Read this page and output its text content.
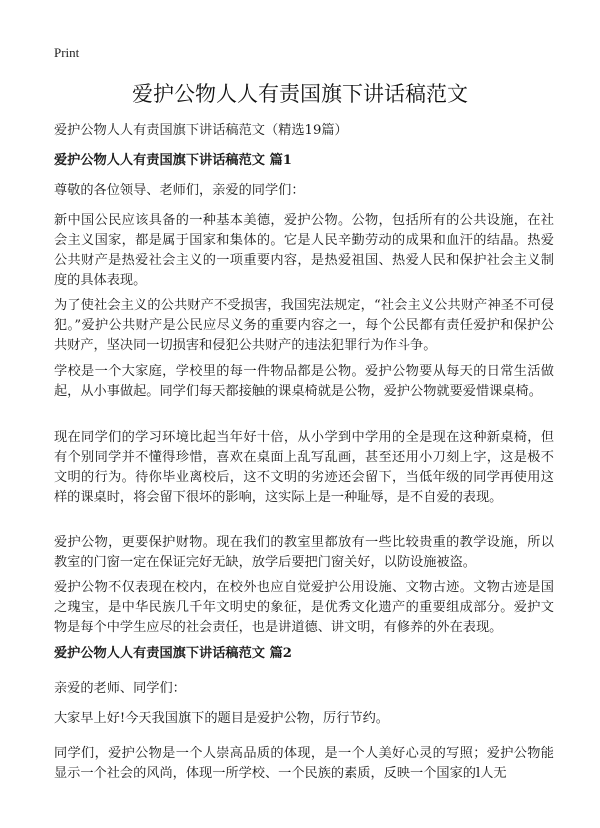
Print
爱护公物人人有责国旗下讲话稿范文

爱护公物人人有责国旗下讲话稿范文（精选19篇）

爱护公物人人有责国旗下讲话稿范文 篇1

尊敬的各位领导、老师们，亲爱的同学们：

新中国公民应该具备的一种基本美德，爱护公物。公物，包括所有的公共设施，在社会主义国家，都是属于国家和集体的。它是人民辛勤劳动的成果和血汗的结晶。热爱公共财产是热爱社会主义的一项重要内容，是热爱祖国、热爱人民和保护社会主义制度的具体表现。

为了使社会主义的公共财产不受损害，我国宪法规定，“社会主义公共财产神圣不可侵犯。”爱护公共财产是公民应尽义务的重要内容之一，每个公民都有责任爱护和保护公共财产，坚决同一切损害和侵犯公共财产的违法犯罪行为作斗争。

学校是一个大家庭，学校里的每一件物品都是公物。爱护公物要从每天的日常生活做起，从小事做起。同学们每天都接触的课桌椅就是公物，爱护公物就要爱惜课桌椅。

现在同学们的学习环境比起当年好十倍，从小学到中学用的全是现在这种新桌椅，但有个别同学并不懂得珍惜，喜欢在桌面上乱写乱画，甚至还用小刀刻上字，这是极不文明的行为。待你毕业离校后，这不文明的劣迹还会留下，当低年级的同学再使用这样的课桌时，将会留下很坏的影响，这实际上是一种耻辱，是不自爱的表现。

爱护公物，更要保护财物。现在我们的教室里都放有一些比较贵重的教学设施，所以教室的门窗一定在保证完好无缺，放学后要把门窗关好，以防设施被盗。

爱护公物不仅表现在校内，在校外也应自觉爱护公用设施、文物古迹。文物古迹是国之瑰宝，是中华民族几千年文明史的象征，是优秀文化遗产的重要组成部分。爱护文物是每个中学生应尽的社会责任，也是讲道德、讲文明，有修养的外在表现。

爱护公物人人有责国旗下讲话稿范文 篇2

亲爱的老师、同学们：

大家早上好!今天我国旗下的题目是爱护公物，厉行节约。

同学们，爱护公物是一个人崇高品质的体现，是一个人美好心灵的写照；爱护公物能显示一个社会的风尚，体现一所学校、一个民族的素质，反映一个国家的l人无
